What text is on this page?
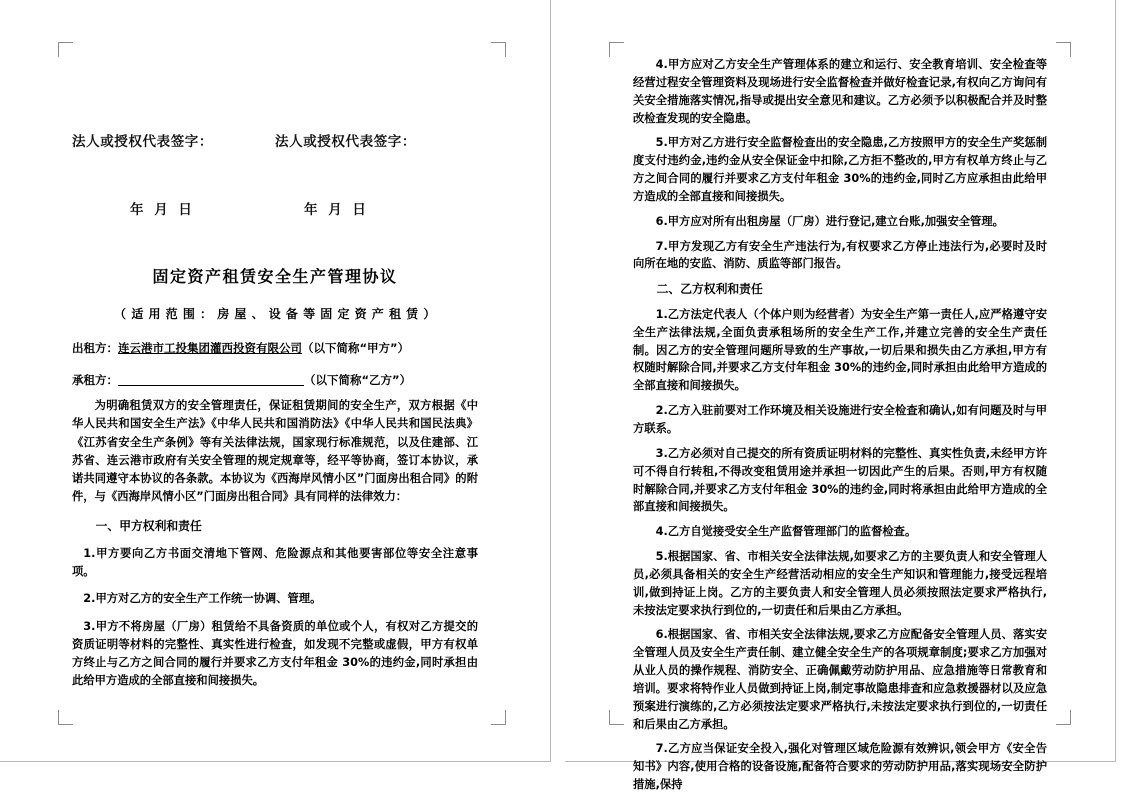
法人或授权代表签字：	法人或授权代表签字：
年 月 日	年 月 日
固定资产租赁安全生产管理协议
（ 适 用 范 围 ： 房 屋 、 设 备 等 固 定 资 产 租 赁 ）
出租方：连云港市工投集团灌西投资有限公司（以下简称“甲方”）
承租方：	（以下简称“乙方”）

为明确租赁双方的安全管理责任，保证租赁期间的安全生产，双方根据《中华人民共和国安全生产法》《中华人民共和国消防法》《中华人民共和国民法典》《江苏省安全生产条例》等有关法律法规，国家现行标准规范，以及住建部、江苏省、连云港市政府有关安全管理的规定规章等，经平等协商，签订本协议，承诺共同遵守本协议的各条款。本协议为《西海岸风情小区”门面房出租合同》的附件，与《西海岸风情小区”门面房出租合同》具有同样的法律效力：

一、甲方权利和责任

1.甲方要向乙方书面交清地下管网、危险源点和其他要害部位等安全注意事项。

2.甲方对乙方的安全生产工作统一协调、管理。

3.甲方不将房屋（厂房）租赁给不具备资质的单位或个人，有权对乙方提交的资质证明等材料的完整性、真实性进行检查，如发现不完整或虚假，甲方有权单方终止与乙方之间合同的履行并要求乙方支付年租金 30%的违约金,同时承担由此给甲方造成的全部直接和间接损失。

4.甲方应对乙方安全生产管理体系的建立和运行、安全教育培训、安全检查等经营过程安全管理资料及现场进行安全监督检查并做好检查记录,有权向乙方询问有关安全措施落实情况,指导或提出安全意见和建议。乙方必须予以积极配合并及时整改检查发现的安全隐患。

5.甲方对乙方进行安全监督检查出的安全隐患,乙方按照甲方的安全生产奖惩制度支付违约金,违约金从安全保证金中扣除,乙方拒不整改的,甲方有权单方终止与乙方之间合同的履行并要求乙方支付年租金 30%的违约金,同时乙方应承担由此给甲方造成的全部直接和间接损失。

6.甲方应对所有出租房屋（厂房）进行登记,建立台账,加强安全管理。

7.甲方发现乙方有安全生产违法行为,有权要求乙方停止违法行为,必要时及时向所在地的安监、消防、质监等部门报告。

二、乙方权利和责任

1.乙方法定代表人（个体户则为经营者）为安全生产第一责任人,应严格遵守安全生产法律法规,全面负责承租场所的安全生产工作,并建立完善的安全生产责任制。因乙方的安全管理问题所导致的生产事故,一切后果和损失由乙方承担,甲方有权随时解除合同,并要求乙方支付年租金 30%的违约金,同时承担由此给甲方造成的全部直接和间接损失。

2.乙方入驻前要对工作环境及相关设施进行安全检查和确认,如有问题及时与甲方联系。

3.乙方必须对自己提交的所有资质证明材料的完整性、真实性负责,未经甲方许可不得自行转租,不得改变租赁用途并承担一切因此产生的后果。否则,甲方有权随时解除合同,并要求乙方支付年租金 30%的违约金,同时将承担由此给甲方造成的全部直接和间接损失。

4.乙方自觉接受安全生产监督管理部门的监督检查。

5.根据国家、省、市相关安全法律法规,如要求乙方的主要负责人和安全管理人员,必须具备相关的安全生产经营活动相应的安全生产知识和管理能力,接受远程培训,做到持证上岗。乙方的主要负责人和安全管理人员必须按照法定要求严格执行,未按法定要求执行到位的,一切责任和后果由乙方承担。

6.根据国家、省、市相关安全法律法规,要求乙方应配备安全管理人员、落实安全管理人员及安全生产责任制、建立健全安全生产的各项规章制度;要求乙方加强对从业人员的操作规程、消防安全、正确佩戴劳动防护用品、应急措施等日常教育和培训。要求将特作业人员做到持证上岗,制定事故隐患排查和应急救援器材以及应急预案进行演练的,乙方必须按法定要求严格执行,未按法定要求执行到位的,一切责任和后果由乙方承担。

7.乙方应当保证安全投入,强化对管理区域危险源有效辨识,领会甲方《安全告知书》内容,使用合格的设备设施,配备符合要求的劳动防护用品,落实现场安全防护措施,保持
